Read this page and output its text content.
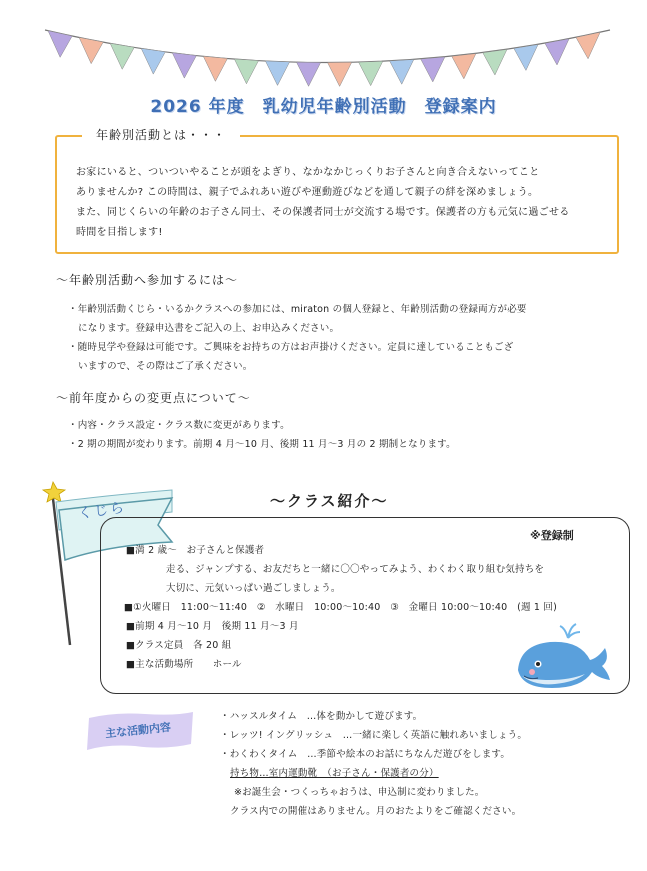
2026 年度　乳幼児年齢別活動　登録案内
年齢別活動とは・・・
お家にいると、ついついやることが頭をよぎり、なかなかじっくりお子さんと向き合えないってこと
ありませんか? この時間は、親子でふれあい遊びや運動遊びなどを通して親子の絆を深めましょう。
また、同じくらいの年齢のお子さん同士、その保護者同士が交流する場です。保護者の方も元気に過ごせる
時間を目指します!
～年齢別活動へ参加するには～

・年齢別活動くじら・いるかクラスへの参加には、miraton の個人登録と、年齢別活動の登録両方が必要

になります。登録申込書をご記入の上、お申込みください。

・随時見学や登録は可能です。ご興味をお持ちの方はお声掛けください。定員に達していることもござ

いますので、その際はご了承ください。

～前年度からの変更点について～

・内容・クラス設定・クラス数に変更があります。

・2 期の期間が変わります。前期 4 月～10 月、後期 11 月～3 月の 2 期制となります。

くじら	～クラス紹介～
※登録制

■満 2 歳～　お子さんと保護者

走る、ジャンプする、お友だちと一緒に〇〇やってみよう、わくわく取り組む気持ちを

大切に、元気いっぱい過ごしましょう。

■①火曜日　11:00～11:40　②　水曜日　10:00～10:40　③　金曜日 10:00～10:40　(週 1 回)

■前期 4 月～10 月　後期 11 月～3 月

■クラス定員　各 20 組

■主な活動場所　　ホール

主な活動内容

・ハッスルタイム　…体を動かして遊びます。

・レッツ! イングリッシュ　…一緒に楽しく英語に触れあいましょう。

・わくわくタイム　…季節や絵本のお話にちなんだ遊びをします。

持ち物…室内運動靴　（お子さん・保護者の分）

※お誕生会・つくっちゃおうは、申込制に変わりました。

クラス内での開催はありません。月のおたよりをご確認ください。
